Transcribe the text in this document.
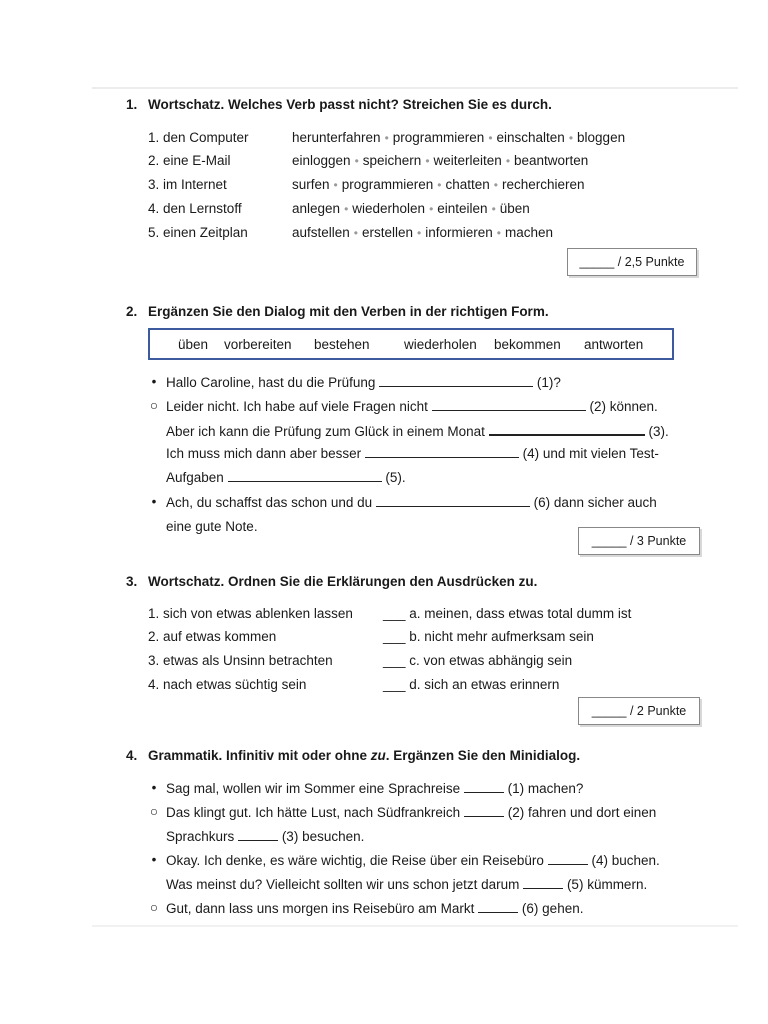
1. Wortschatz. Welches Verb passt nicht? Streichen Sie es durch.
1. den Computer	herunterfahren • programmieren • einschalten • bloggen
2. eine E-Mail	einloggen • speichern • weiterleiten • beantworten
3. im Internet	surfen • programmieren • chatten • recherchieren
4. den Lernstoff	anlegen • wiederholen • einteilen • üben
5. einen Zeitplan	aufstellen • erstellen • informieren • machen
_____ / 2,5 Punkte
2. Ergänzen Sie den Dialog mit den Verben in der richtigen Form.
üben vorbereiten bestehen	wiederholen bekommen antworten
• Hallo Caroline, hast du die Prüfung	(1)?
○ Leider nicht. Ich habe auf viele Fragen nicht	(2) können.
Aber ich kann die Prüfung zum Glück in einem Monat	(3).
Ich muss mich dann aber besser	(4) und mit vielen Test-
Aufgaben	(5).
• Ach, du schaffst das schon und du	(6) dann sicher auch
eine gute Note.
_____ / 3 Punkte
3. Wortschatz. Ordnen Sie die Erklärungen den Ausdrücken zu.
1. sich von etwas ablenken lassen ___ a. meinen, dass etwas total dumm ist
2. auf etwas kommen	___ b. nicht mehr aufmerksam sein
3. etwas als Unsinn betrachten	___ c. von etwas abhängig sein
4. nach etwas süchtig sein	___ d. sich an etwas erinnern
_____ / 2 Punkte
4. Grammatik. Infinitiv mit oder ohne zu. Ergänzen Sie den Minidialog.
• Sag mal, wollen wir im Sommer eine Sprachreise	(1) machen?
○ Das klingt gut. Ich hätte Lust, nach Südfrankreich	(2) fahren und dort einen
Sprachkurs	(3) besuchen.
• Okay. Ich denke, es wäre wichtig, die Reise über ein Reisebüro	(4) buchen.
Was meinst du? Vielleicht sollten wir uns schon jetzt darum	(5) kümmern.
○ Gut, dann lass uns morgen ins Reisebüro am Markt	(6) gehen.
